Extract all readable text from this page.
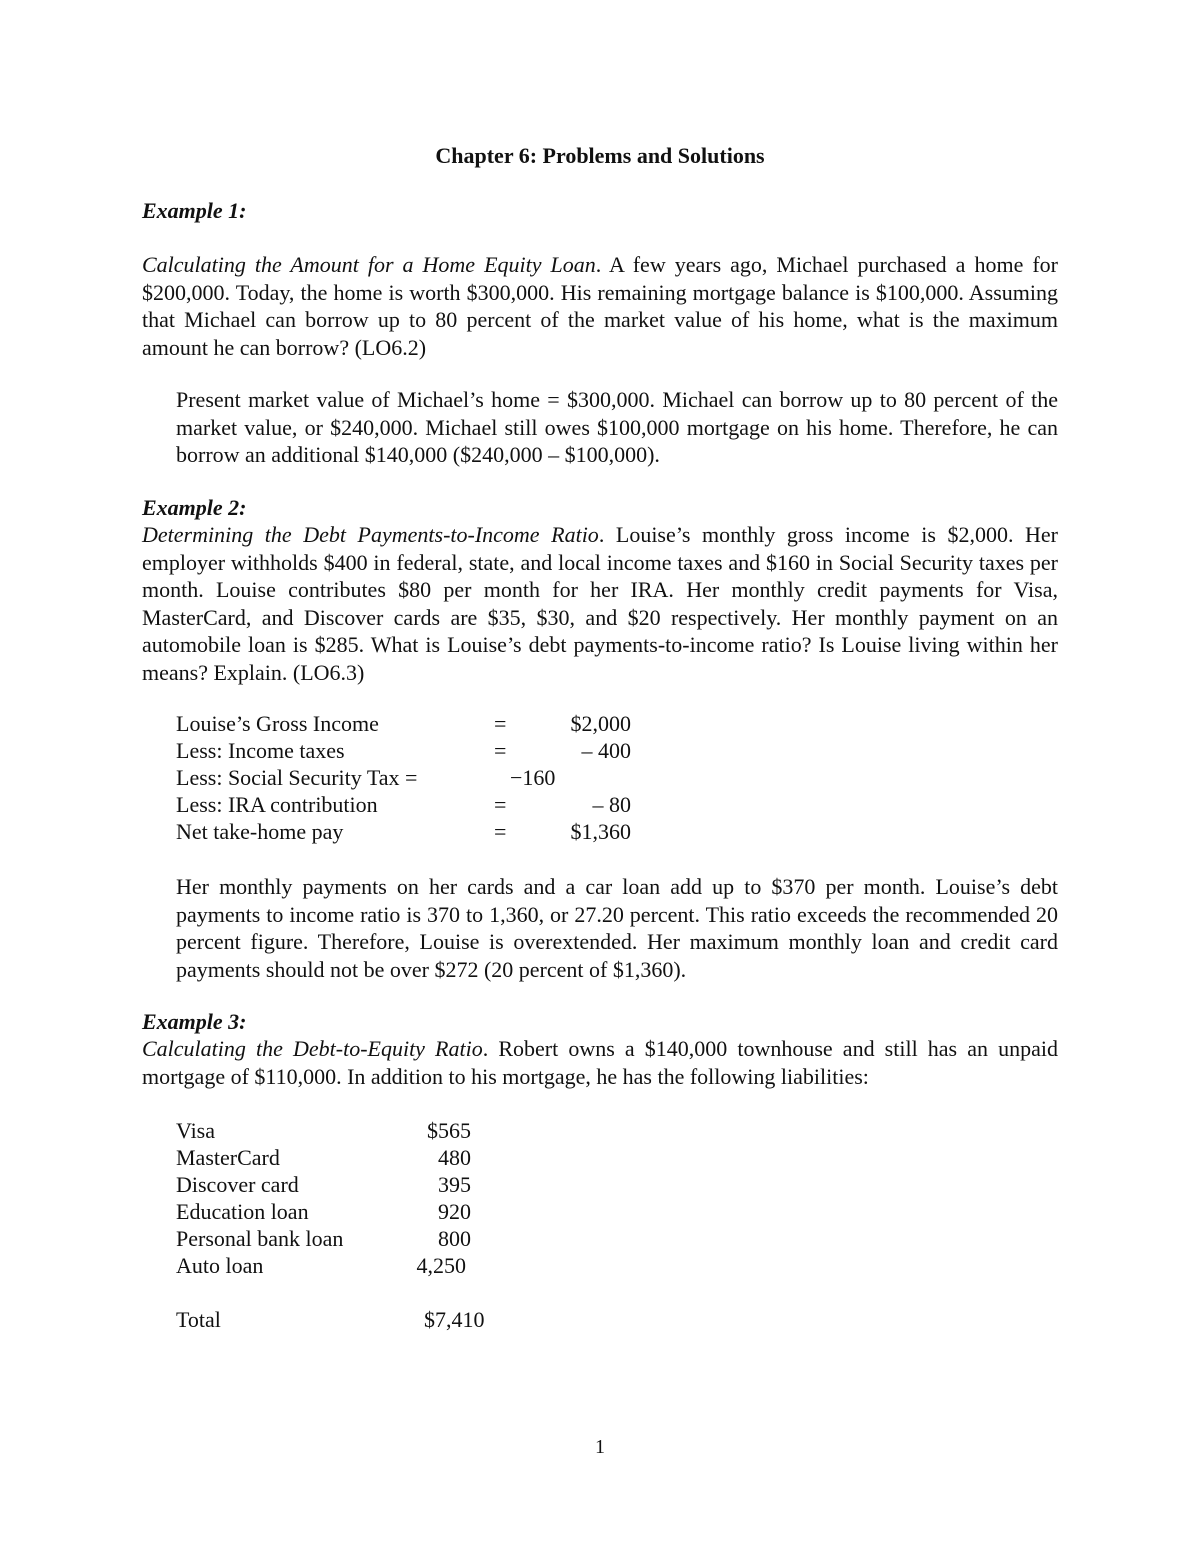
Chapter 6: Problems and Solutions
Example 1:

Calculating the Amount for a Home Equity Loan. A few years ago, Michael purchased a home for $200,000. Today, the home is worth $300,000. His remaining mortgage balance is $100,000. Assuming that Michael can borrow up to 80 percent of the market value of his home, what is the maximum amount he can borrow? (LO6.2)

Present market value of Michael’s home = $300,000. Michael can borrow up to 80 percent of the market value, or $240,000. Michael still owes $100,000 mortgage on his home. Therefore, he can borrow an additional $140,000 ($240,000 – $100,000).

Example 2:

Determining the Debt Payments-to-Income Ratio. Louise’s monthly gross income is $2,000. Her employer withholds $400 in federal, state, and local income taxes and $160 in Social Security taxes per month. Louise contributes $80 per month for her IRA. Her monthly credit payments for Visa, MasterCard, and Discover cards are $35, $30, and $20 respectively. Her monthly payment on an automobile loan is $285. What is Louise’s debt payments-to-income ratio? Is Louise living within her means? Explain. (LO6.3)

Louise’s Gross Income	=	$2,000
Less: Income taxes	=	– 400
Less: Social Security Tax =	−160
Less: IRA contribution	=	– 80
Net take-home pay	=	$1,360

Her monthly payments on her cards and a car loan add up to $370 per month. Louise’s debt payments to income ratio is 370 to 1,360, or 27.20 percent. This ratio exceeds the recommended 20 percent figure. Therefore, Louise is overextended. Her maximum monthly loan and credit card payments should not be over $272 (20 percent of $1,360).

Example 3:

Calculating the Debt-to-Equity Ratio. Robert owns a $140,000 townhouse and still has an unpaid mortgage of $110,000. In addition to his mortgage, he has the following liabilities:

Visa	$565
MasterCard	480
Discover card	395
Education loan	920
Personal bank loan	800
Auto loan	4,250
Total	$7,410
1
